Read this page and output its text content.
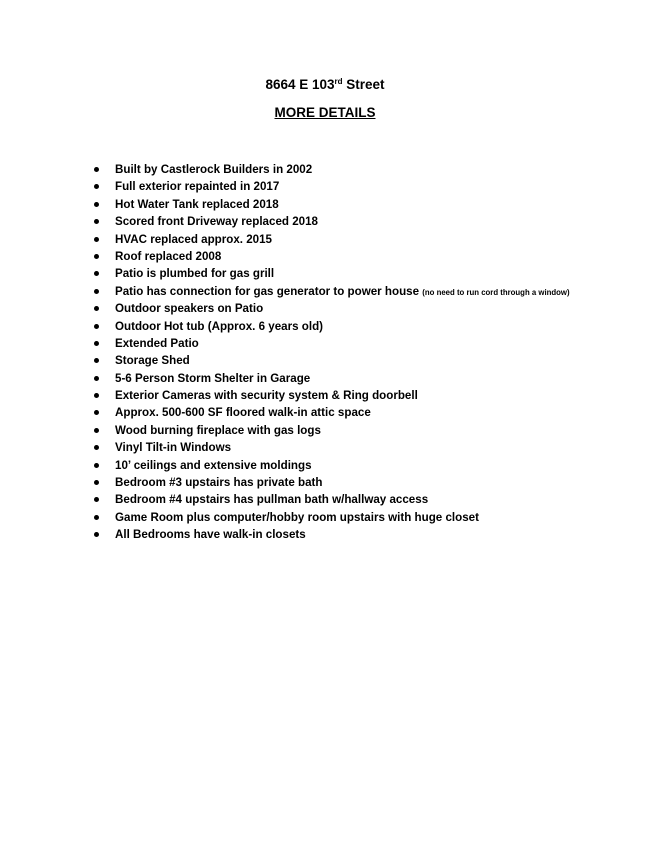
8664 E 103rd Street
MORE DETAILS
Built by Castlerock Builders in 2002
Full exterior repainted in 2017
Hot Water Tank replaced 2018
Scored front Driveway replaced 2018
HVAC replaced approx. 2015
Roof replaced 2008
Patio is plumbed for gas grill
Patio has connection for gas generator to power house (no need to run cord through a window)
Outdoor speakers on Patio
Outdoor Hot tub (Approx. 6 years old)
Extended Patio
Storage Shed
5-6 Person Storm Shelter in Garage
Exterior Cameras with security system & Ring doorbell
Approx. 500-600 SF floored walk-in attic space
Wood burning fireplace with gas logs
Vinyl Tilt-in Windows
10’ ceilings and extensive moldings
Bedroom #3 upstairs has private bath
Bedroom #4 upstairs has pullman bath w/hallway access
Game Room plus computer/hobby room upstairs with huge closet
All Bedrooms have walk-in closets
